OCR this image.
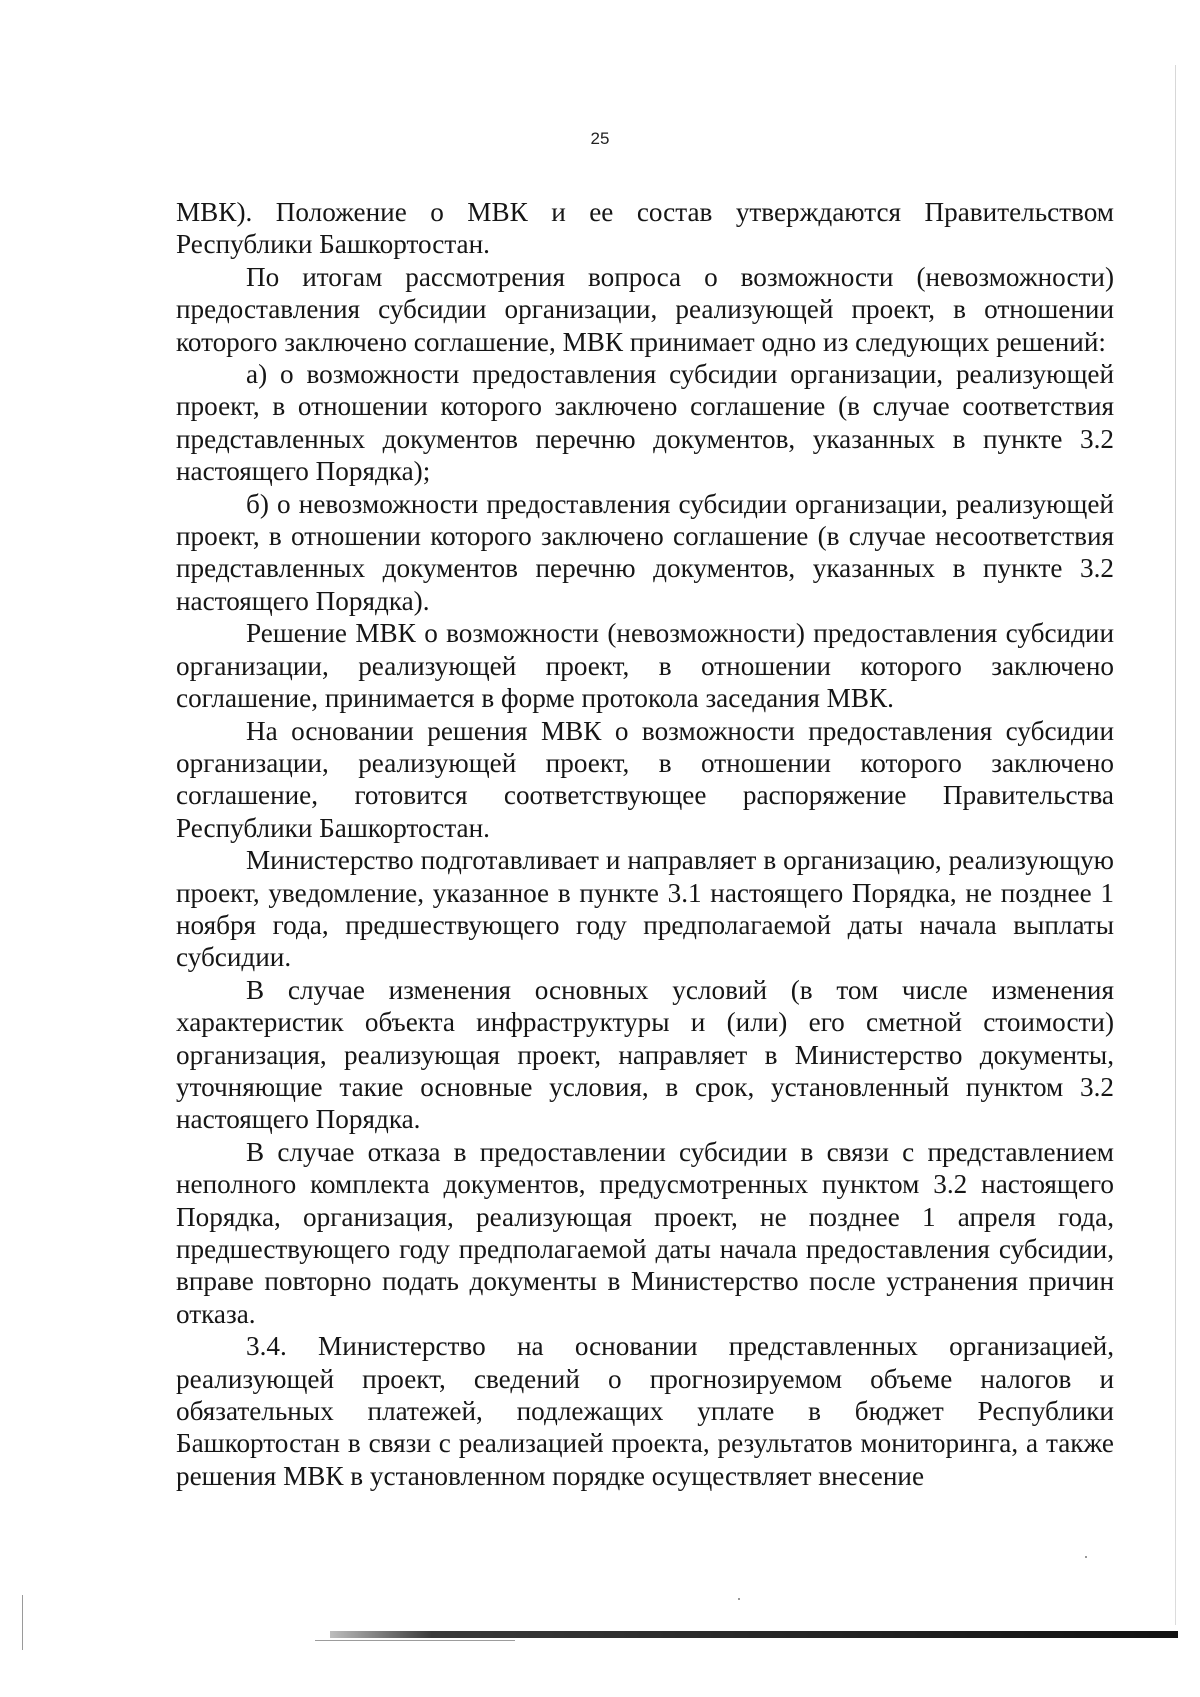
25

МВК). Положение о МВК и ее состав утверждаются Правительством Республики Башкортостан.

По итогам рассмотрения вопроса о возможности (невозможности) предоставления субсидии организации, реализующей проект, в отношении которого заключено соглашение, МВК принимает одно из следующих решений:

а) о возможности предоставления субсидии организации, реализующей проект, в отношении которого заключено соглашение (в случае соответствия представленных документов перечню документов, указанных в пункте 3.2 настоящего Порядка);

б) о невозможности предоставления субсидии организации, реализующей проект, в отношении которого заключено соглашение (в случае несоответствия представленных документов перечню документов, указанных в пункте 3.2 настоящего Порядка).

Решение МВК о возможности (невозможности) предоставления субсидии организации, реализующей проект, в отношении которого заключено соглашение, принимается в форме протокола заседания МВК.

На основании решения МВК о возможности предоставления субсидии организации, реализующей проект, в отношении которого заключено соглашение, готовится соответствующее распоряжение Правительства Республики Башкортостан.

Министерство подготавливает и направляет в организацию, реализующую проект, уведомление, указанное в пункте 3.1 настоящего Порядка, не позднее 1 ноября года, предшествующего году предполагаемой даты начала выплаты субсидии.

В случае изменения основных условий (в том числе изменения характеристик объекта инфраструктуры и (или) его сметной стоимости) организация, реализующая проект, направляет в Министерство документы, уточняющие такие основные условия, в срок, установленный пунктом 3.2 настоящего Порядка.

В случае отказа в предоставлении субсидии в связи с представлением неполного комплекта документов, предусмотренных пунктом 3.2 настоящего Порядка, организация, реализующая проект, не позднее 1 апреля года, предшествующего году предполагаемой даты начала предоставления субсидии, вправе повторно подать документы в Министерство после устранения причин отказа.

3.4. Министерство на основании представленных организацией, реализующей проект, сведений о прогнозируемом объеме налогов и обязательных платежей, подлежащих уплате в бюджет Республики Башкортостан в связи с реализацией проекта, результатов мониторинга, а также решения МВК в установленном порядке осуществляет внесение
